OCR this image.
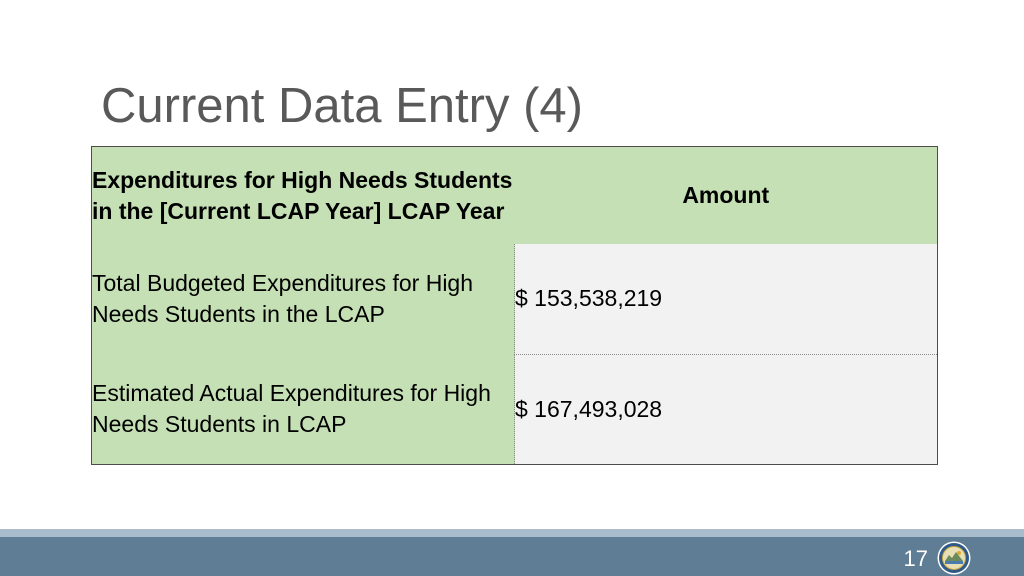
Current Data Entry (4)
Expenditures for High Needs Students in the [Current LCAP Year] LCAP Year	Amount
Total Budgeted Expenditures for High Needs Students in the LCAP	$ 153,538,219
Estimated Actual Expenditures for High Needs Students in LCAP	$ 167,493,028
17
